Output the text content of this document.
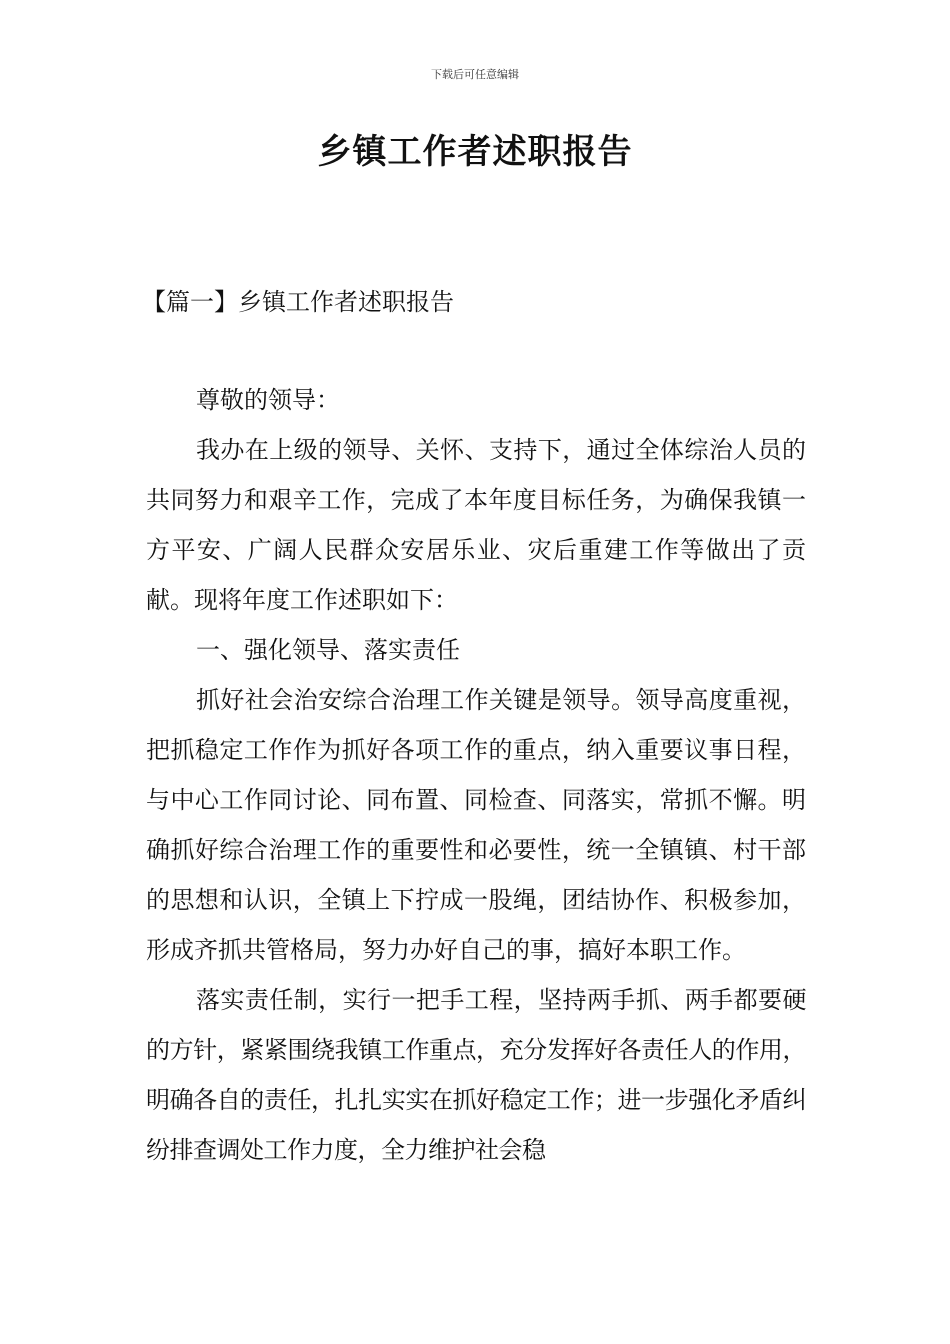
下载后可任意编辑
乡镇工作者述职报告
【篇一】乡镇工作者述职报告

尊敬的领导：

我办在上级的领导、关怀、支持下，通过全体综治人员的共同努力和艰辛工作，完成了本年度目标任务，为确保我镇一方平安、广阔人民群众安居乐业、灾后重建工作等做出了贡献。现将年度工作述职如下：

一、强化领导、落实责任

抓好社会治安综合治理工作关键是领导。领导高度重视，把抓稳定工作作为抓好各项工作的重点，纳入重要议事日程，与中心工作同讨论、同布置、同检查、同落实，常抓不懈。明确抓好综合治理工作的重要性和必要性，统一全镇镇、村干部的思想和认识，全镇上下拧成一股绳，团结协作、积极参加，形成齐抓共管格局，努力办好自己的事，搞好本职工作。

落实责任制，实行一把手工程，坚持两手抓、两手都要硬的方针，紧紧围绕我镇工作重点，充分发挥好各责任人的作用，明确各自的责任，扎扎实实在抓好稳定工作；进一步强化矛盾纠纷排查调处工作力度，全力维护社会稳
